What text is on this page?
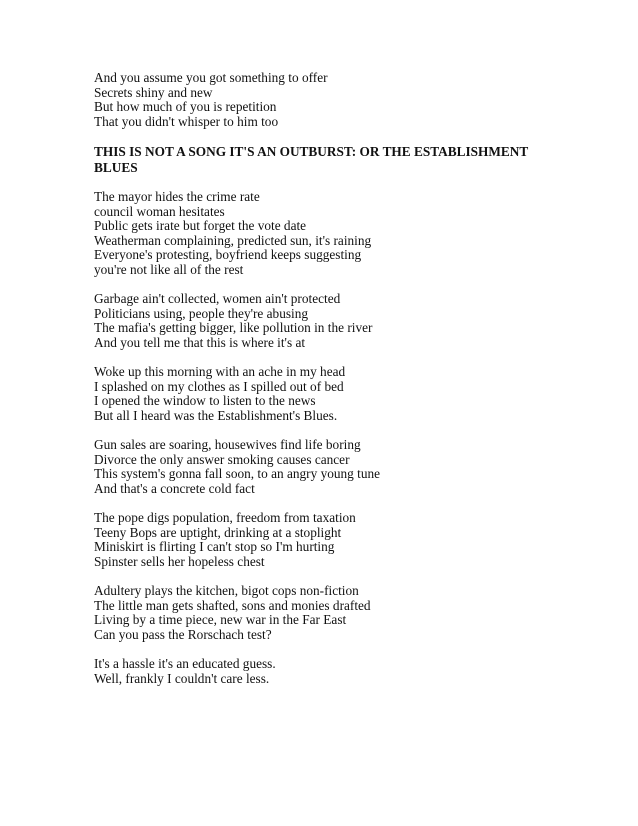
And you assume you got something to offer
Secrets shiny and new
But how much of you is repetition
That you didn't whisper to him too
THIS IS NOT A SONG IT'S AN OUTBURST: OR THE ESTABLISHMENT BLUES
The mayor hides the crime rate
council woman hesitates
Public gets irate but forget the vote date
Weatherman complaining, predicted sun, it's raining
Everyone's protesting, boyfriend keeps suggesting
you're not like all of the rest
Garbage ain't collected, women ain't protected
Politicians using, people they're abusing
The mafia's getting bigger, like pollution in the river
And you tell me that this is where it's at
Woke up this morning with an ache in my head
I splashed on my clothes as I spilled out of bed
I opened the window to listen to the news
But all I heard was the Establishment's Blues.
Gun sales are soaring, housewives find life boring
Divorce the only answer smoking causes cancer
This system's gonna fall soon, to an angry young tune
And that's a concrete cold fact
The pope digs population, freedom from taxation
Teeny Bops are uptight, drinking at a stoplight
Miniskirt is flirting I can't stop so I'm hurting
Spinster sells her hopeless chest
Adultery plays the kitchen, bigot cops non-fiction
The little man gets shafted, sons and monies drafted
Living by a time piece, new war in the Far East
Can you pass the Rorschach test?
It's a hassle it's an educated guess.
Well, frankly I couldn't care less.
